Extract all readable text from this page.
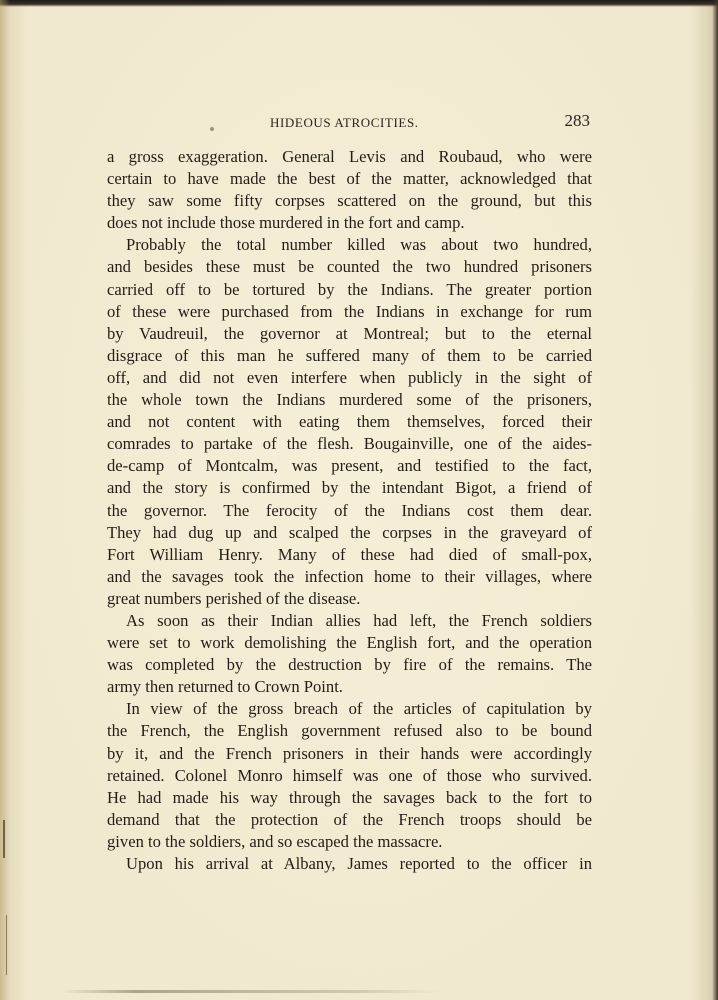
HIDEOUS ATROCITIES.	283
a gross exaggeration. General Levis and Roubaud, who were
certain to have made the best of the matter, acknowledged that
they saw some fifty corpses scattered on the ground, but this
does not include those murdered in the fort and camp.
Probably the total number killed was about two hundred,
and besides these must be counted the two hundred prisoners
carried off to be tortured by the Indians. The greater portion
of these were purchased from the Indians in exchange for rum
by Vaudreuil, the governor at Montreal; but to the eternal
disgrace of this man he suffered many of them to be carried
off, and did not even interfere when publicly in the sight of
the whole town the Indians murdered some of the prisoners,
and not content with eating them themselves, forced their
comrades to partake of the flesh. Bougainville, one of the aides-
de-camp of Montcalm, was present, and testified to the fact,
and the story is confirmed by the intendant Bigot, a friend of
the governor. The ferocity of the Indians cost them dear.
They had dug up and scalped the corpses in the graveyard of
Fort William Henry. Many of these had died of small-pox,
and the savages took the infection home to their villages, where
great numbers perished of the disease.
As soon as their Indian allies had left, the French soldiers
were set to work demolishing the English fort, and the operation
was completed by the destruction by fire of the remains. The
army then returned to Crown Point.
In view of the gross breach of the articles of capitulation by
the French, the English government refused also to be bound
by it, and the French prisoners in their hands were accordingly
retained. Colonel Monro himself was one of those who survived.
He had made his way through the savages back to the fort to
demand that the protection of the French troops should be
given to the soldiers, and so escaped the massacre.
Upon his arrival at Albany, James reported to the officer in
